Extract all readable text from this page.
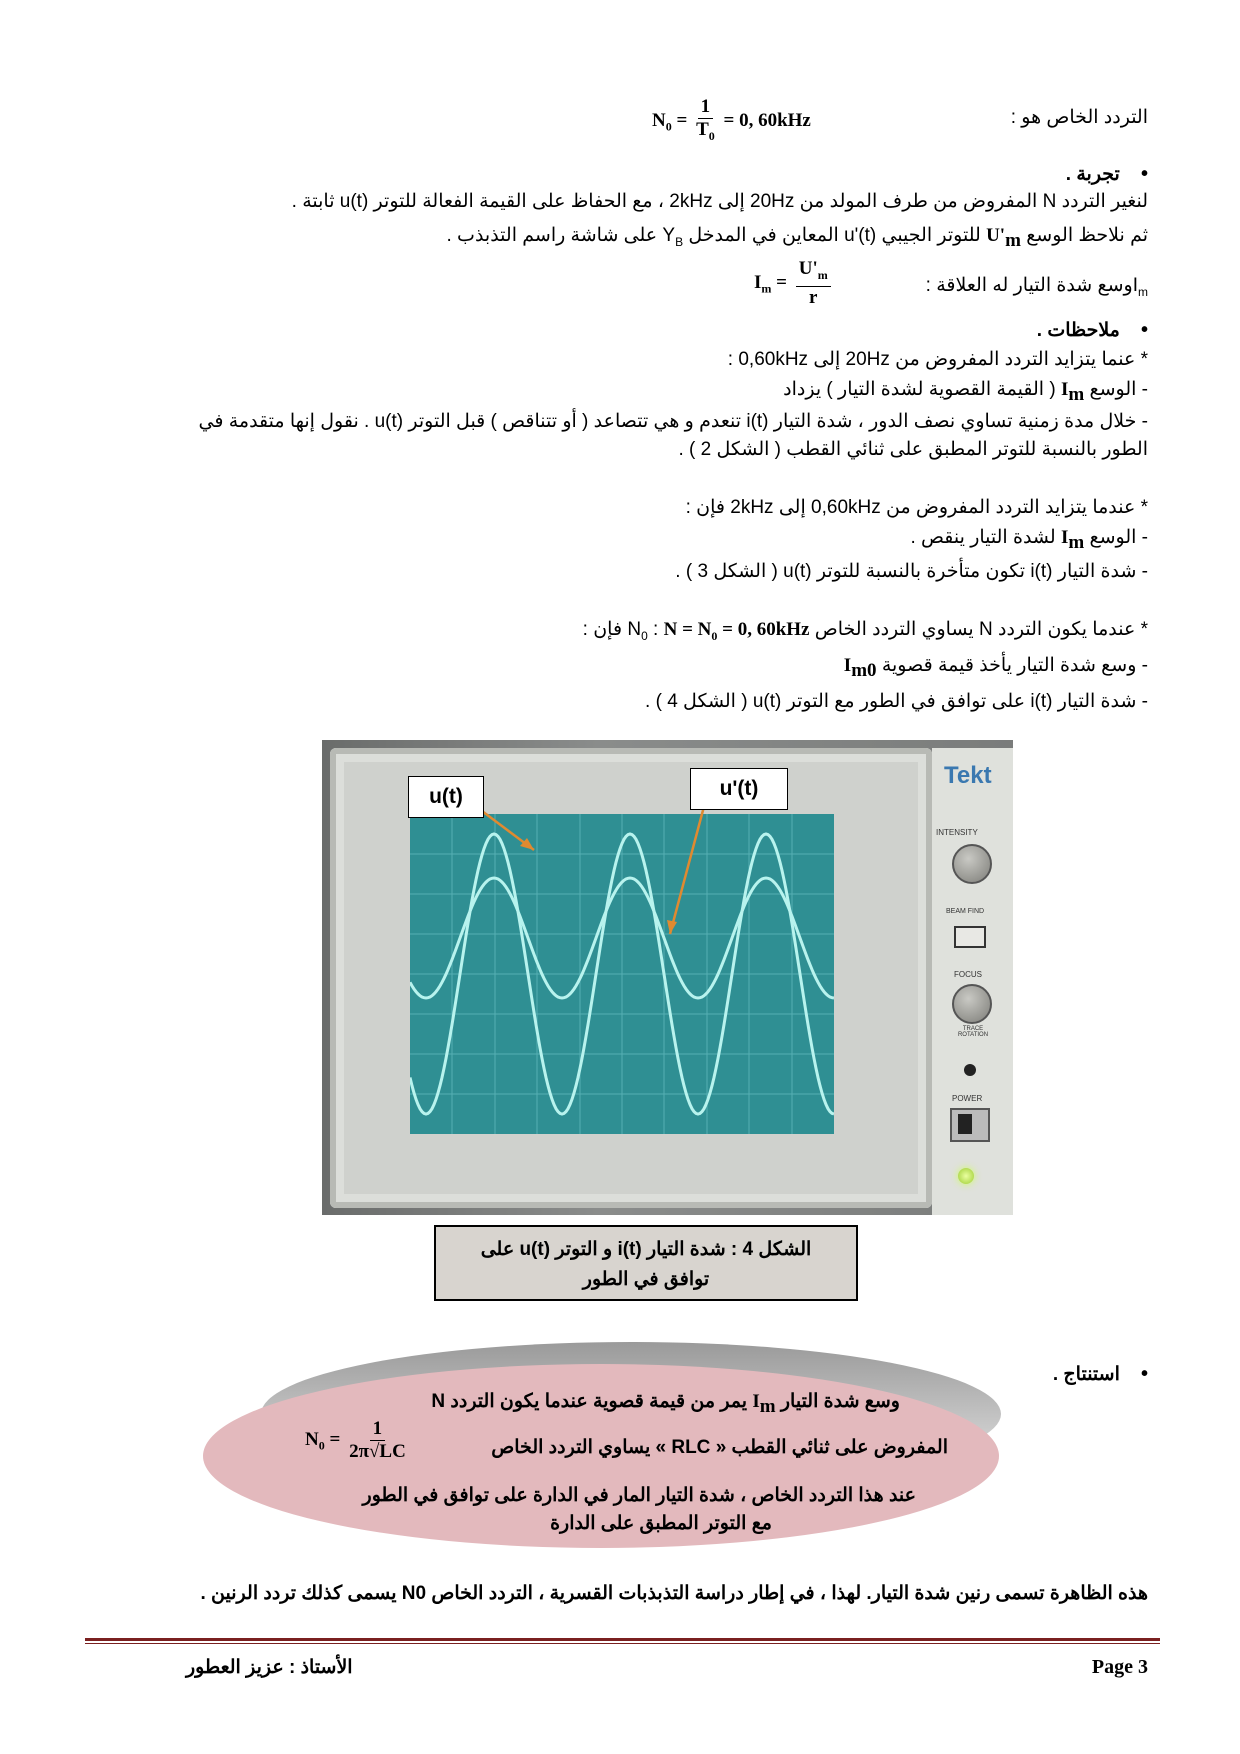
التردد الخاص هو :
$N_0 = \frac{1}{T_0} = 0$, 60kHz
•    تجربة .
لنغير التردد N المفروض من طرف المولد من 20Hz إلى 2kHz ، مع الحفاظ على القيمة الفعالة للتوتر u(t) ثابتة .
ثم نلاحظ الوسع $U'_m$ للتوتر الجيبي u'(t) المعاين في المدخل $Y_B$ على شاشة راسم التذبذب .
$I_mوسع$ شدة التيار له العلاقة :
$I_m = \frac{U'_m}{r}$
•    ملاحظات .
* عنما يتزايد التردد المفروض من 20Hz إلى 0,60kHz :
- الوسع $I_m$ ( القيمة القصوية لشدة التيار ) يزداد
- خلال مدة زمنية تساوي نصف الدور ، شدة التيار i(t) تنعدم و هي تتصاعد ( أو تتناقص ) قبل التوتر u(t) . نقول إنها متقدمة في
الطور بالنسبة للتوتر المطبق على ثنائي القطب ( الشكل 2 ) .
* عندما يتزايد التردد المفروض من 0,60kHz إلى 2kHz فإن :
- الوسع $I_m$ لشدة التيار ينقص .
- شدة التيار i(t) تكون متأخرة بالنسبة للتوتر u(t) ( الشكل 3 ) .
* عندما يكون التردد N يساوي التردد الخاص $N_0$ : $N = N_0 = 0$, 60kHz فإن :
- وسع شدة التيار يأخذ قيمة قصوية $I_{m0}$
- شدة التيار i(t) على توافق في الطور مع التوتر u(t) ( الشكل 4 ) .
Tekt
INTENSITY
BEAM FIND
FOCUS
TRACE ROTATION
POWER
u(t)	u'(t)
الشكل 4 : شدة التيار i(t) و التوتر u(t) على
توافق في الطور
•    استنتاج .
وسع شدة التيار $I_m$ يمر من قيمة قصوية عندما يكون التردد N
المفروض على ثنائي القطب « RLC » يساوي التردد الخاص
$N_0 = \frac{1}{2\pi√LC}$
عند هذا التردد الخاص ، شدة التيار المار في الدارة على توافق في الطور
مع التوتر المطبق على الدارة
هذه الظاهرة تسمى رنين شدة التيار. لهذا ، في إطار دراسة التذبذبات القسرية ، التردد الخاص N0 يسمى كذلك تردد الرنين .
الأستاذ : عزيز العطور	Page 3
